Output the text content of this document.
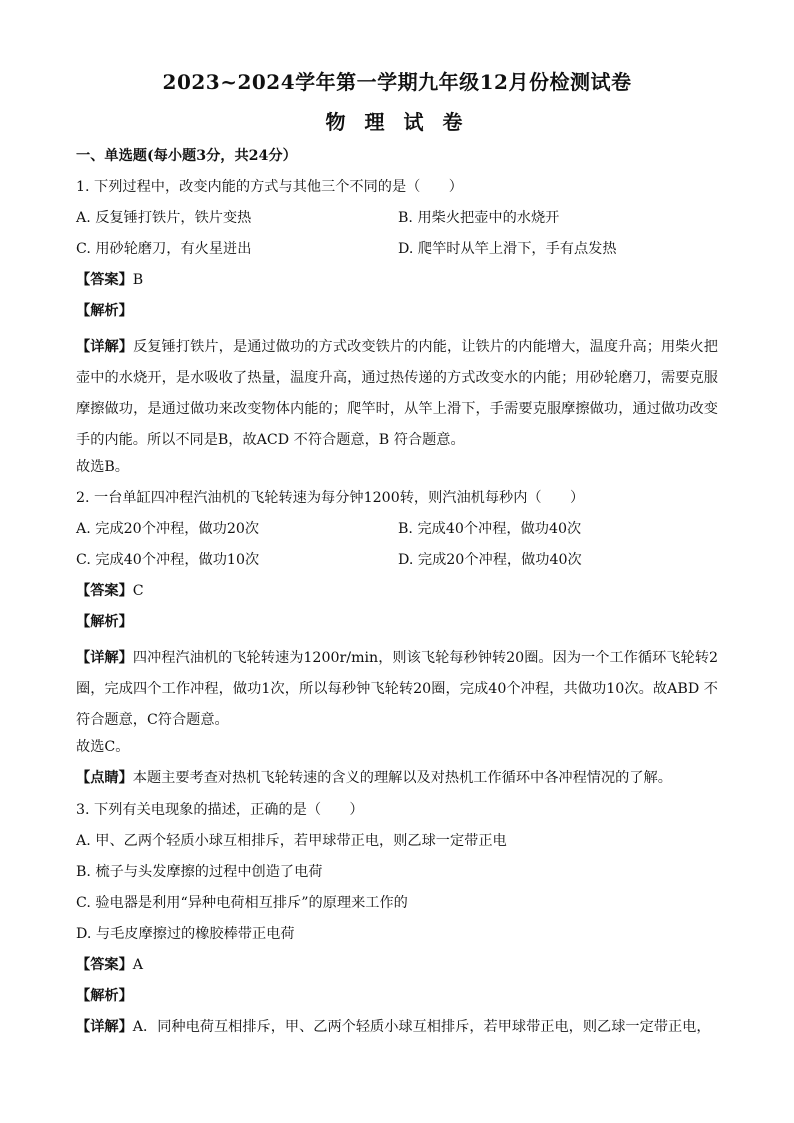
2023~2024学年第一学期九年级12月份检测试卷
物 理 试 卷
一、单选题(每小题3分，共24分）
1. 下列过程中，改变内能的方式与其他三个不同的是（　　）
A. 反复锤打铁片，铁片变热	B. 用柴火把壶中的水烧开
C. 用砂轮磨刀，有火星迸出	D. 爬竿时从竿上滑下，手有点发热
【答案】B
【解析】
【详解】反复锤打铁片，是通过做功的方式改变铁片的内能，让铁片的内能增大，温度升高；用柴火把壶中的水烧开，是水吸收了热量，温度升高，通过热传递的方式改变水的内能；用砂轮磨刀，需要克服摩擦做功，是通过做功来改变物体内能的；爬竿时，从竿上滑下，手需要克服摩擦做功，通过做功改变手的内能。所以不同是B，故ACD 不符合题意，B 符合题意。
故选B。
2. 一台单缸四冲程汽油机的飞轮转速为每分钟1200转，则汽油机每秒内（　　）
A. 完成20个冲程，做功20次	B. 完成40个冲程，做功40次
C. 完成40个冲程，做功10次	D. 完成20个冲程，做功40次
【答案】C
【解析】
【详解】四冲程汽油机的飞轮转速为1200r/min，则该飞轮每秒钟转20圈。因为一个工作循环飞轮转2圈，完成四个工作冲程，做功1次，所以每秒钟飞轮转20圈，完成40个冲程，共做功10次。故ABD 不符合题意，C符合题意。
故选C。
【点睛】本题主要考查对热机飞轮转速的含义的理解以及对热机工作循环中各冲程情况的了解。
3. 下列有关电现象的描述，正确的是（　　）
A. 甲、乙两个轻质小球互相排斥，若甲球带正电，则乙球一定带正电
B. 梳子与头发摩擦的过程中创造了电荷
C. 验电器是利用“异种电荷相互排斥”的原理来工作的
D. 与毛皮摩擦过的橡胶棒带正电荷
【答案】A
【解析】
【详解】A．同种电荷互相排斥，甲、乙两个轻质小球互相排斥，若甲球带正电，则乙球一定带正电，
